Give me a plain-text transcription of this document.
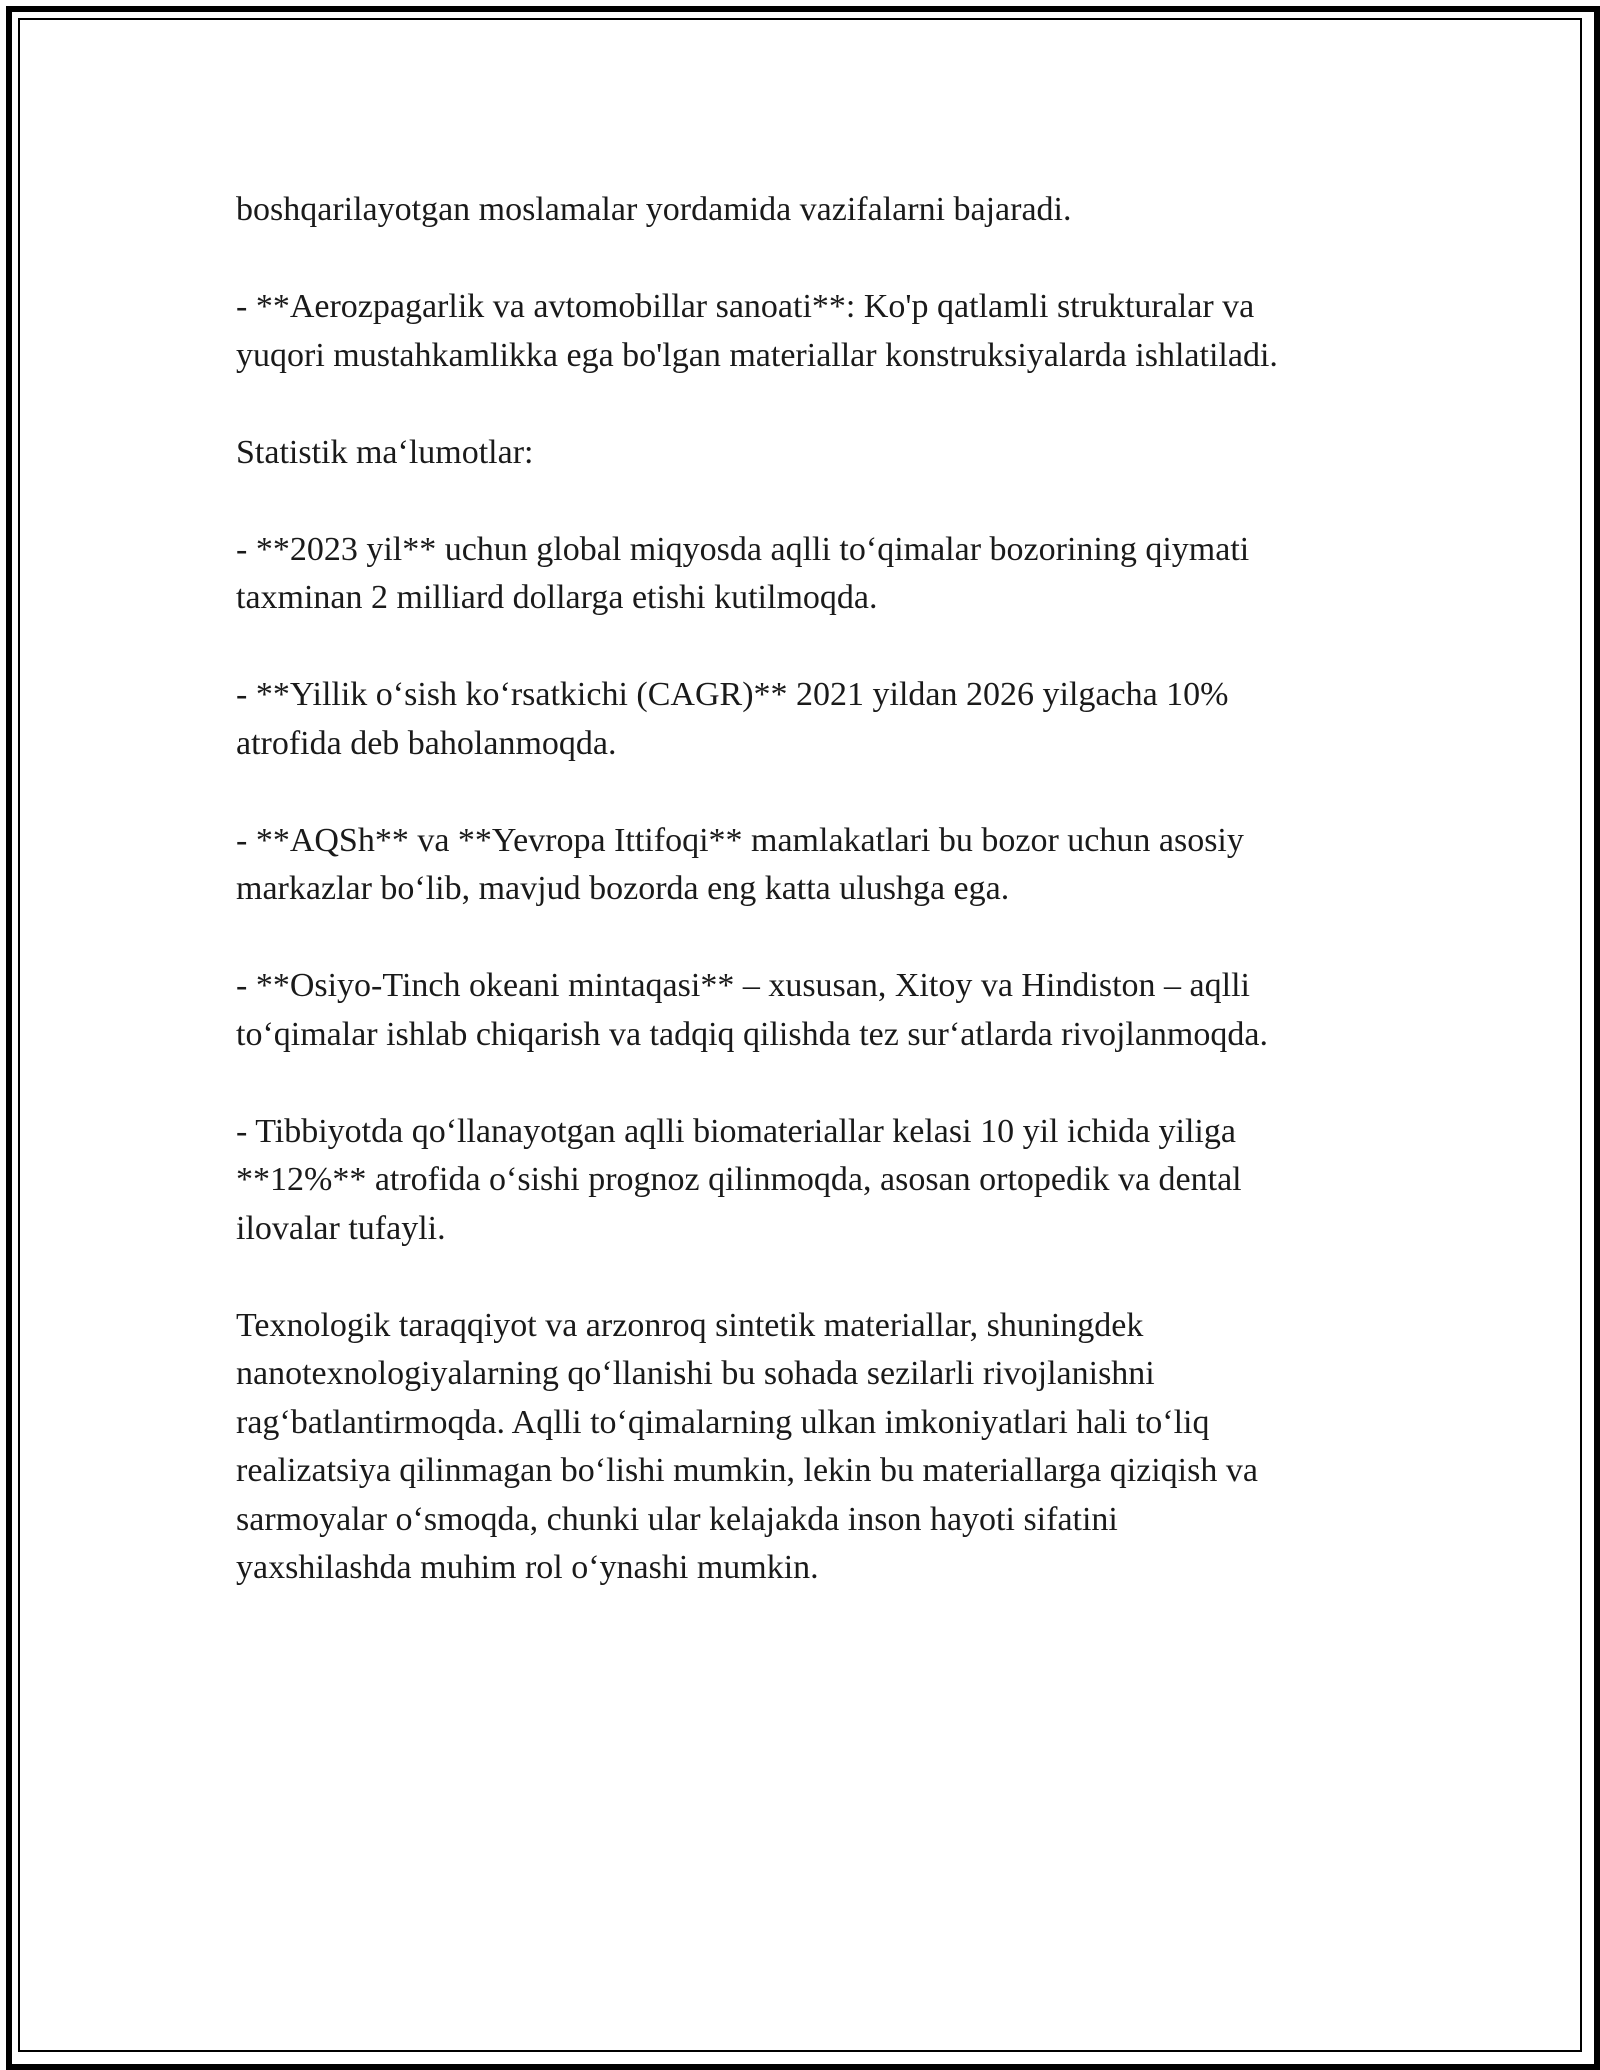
boshqarilayotgan moslamalar yordamida vazifalarni bajaradi.
- **Aerozpagarlik va avtomobillar sanoati**: Ko'p qatlamli strukturalar va
yuqori mustahkamlikka ega bo'lgan materiallar konstruksiyalarda ishlatiladi.
Statistik ma‘lumotlar:
- **2023 yil** uchun global miqyosda aqlli to‘qimalar bozorining qiymati
taxminan 2 milliard dollarga etishi kutilmoqda.
- **Yillik o‘sish ko‘rsatkichi (CAGR)** 2021 yildan 2026 yilgacha 10%
atrofida deb baholanmoqda.
- **AQSh** va **Yevropa Ittifoqi** mamlakatlari bu bozor uchun asosiy
markazlar bo‘lib, mavjud bozorda eng katta ulushga ega.
- **Osiyo-Tinch okeani mintaqasi** – xususan, Xitoy va Hindiston – aqlli
to‘qimalar ishlab chiqarish va tadqiq qilishda tez sur‘atlarda rivojlanmoqda.
- Tibbiyotda qo‘llanayotgan aqlli biomateriallar kelasi 10 yil ichida yiliga
**12%** atrofida o‘sishi prognoz qilinmoqda, asosan ortopedik va dental
ilovalar tufayli.
Texnologik taraqqiyot va arzonroq sintetik materiallar, shuningdek
nanotexnologiyalarning qo‘llanishi bu sohada sezilarli rivojlanishni
rag‘batlantirmoqda. Aqlli to‘qimalarning ulkan imkoniyatlari hali to‘liq
realizatsiya qilinmagan bo‘lishi mumkin, lekin bu materiallarga qiziqish va
sarmoyalar o‘smoqda, chunki ular kelajakda inson hayoti sifatini
yaxshilashda muhim rol o‘ynashi mumkin.
